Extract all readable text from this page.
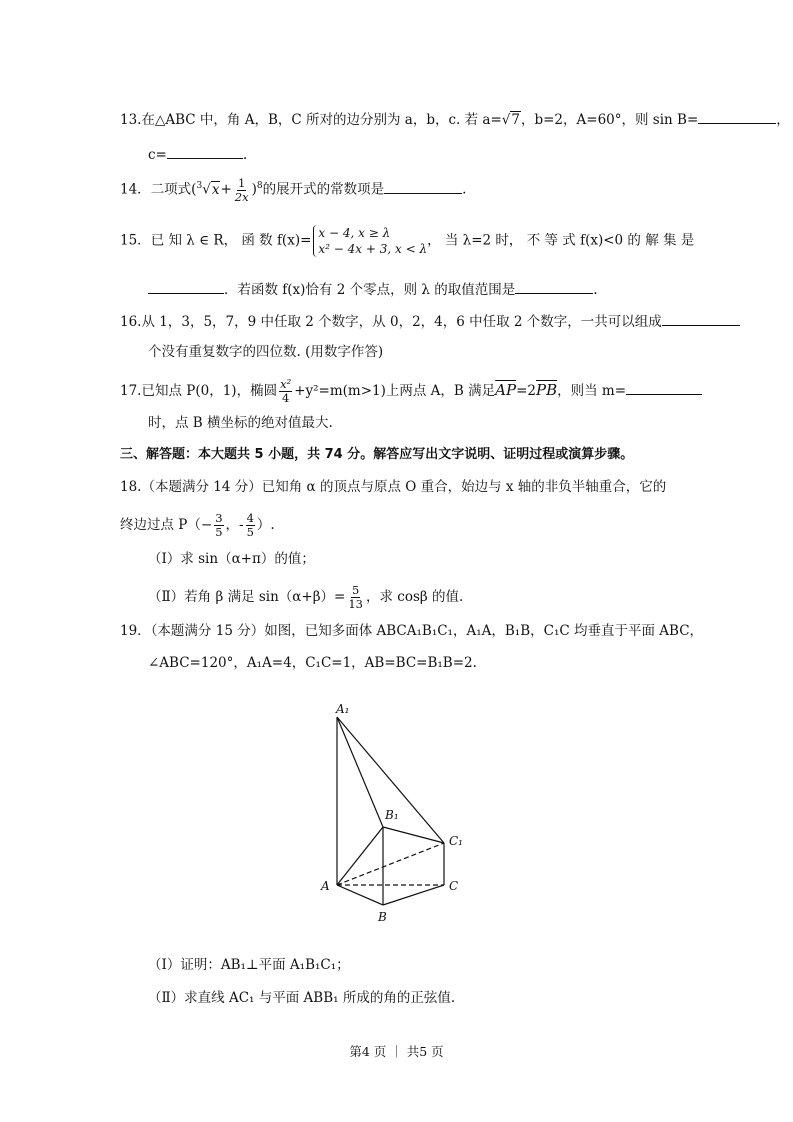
13.在△ABC 中，角 A，B，C 所对的边分别为 a，b，c. 若 a=√7，b=2，A=60°，则 sin B=	，
c=	.
14．二项式$(^3√x+ \frac{1}{2x} )^8$的展开式的常数项是	.
15．已 知 λ ∈ R， 函 数 f(x)= x − 4, x ≥ λ
x² − 4x + 3, x < λ， 当 λ=2 时， 不 等 式 f(x)<0 的 解 集 是
．若函数 f(x)恰有 2 个零点，则 λ 的取值范围是	.
16.从 1，3，5，7，9 中任取 2 个数字，从 0，2，4，6 中任取 2 个数字，一共可以组成
个没有重复数字的四位数. (用数字作答)
17.已知点 P(0，1)，椭圆 $\frac{\text{x²}}{4} +y^2=m(m>1)$上两点 A，B 满足$\overline{AP}=2\overline{PB}$，则当 m=
时，点 B 横坐标的绝对值最大.
三、解答题：本大题共 5 小题，共 74 分。解答应写出文字说明、证明过程或演算步骤。
18.（本题满分 14 分）已知角 α 的顶点与原点 O 重合，始边与 x 轴的非负半轴重合，它的
终边过点 $P(- \frac{3}{5}$ ，- $\frac{4}{5}$ ）.
（Ⅰ）求 sin（α+π）的值；
（Ⅱ）若角 β 满足 $\sin(\alpha+\beta)= \frac{5}{13}$ ，求 cosβ 的值.
19．（本题满分 15 分）如图，已知多面体 ABCA₁B₁C₁，A₁A，B₁B，C₁C 均垂直于平面 ABC，
∠ABC=120°，A₁A=4，C₁C=1，AB=BC=B₁B=2.
A₁
B₁
C₁
A
B
C
（Ⅰ）证明：AB₁⊥平面 A₁B₁C₁；
（Ⅱ）求直线 AC₁ 与平面 ABB₁ 所成的角的正弦值.
第4 页 ｜ 共5 页
